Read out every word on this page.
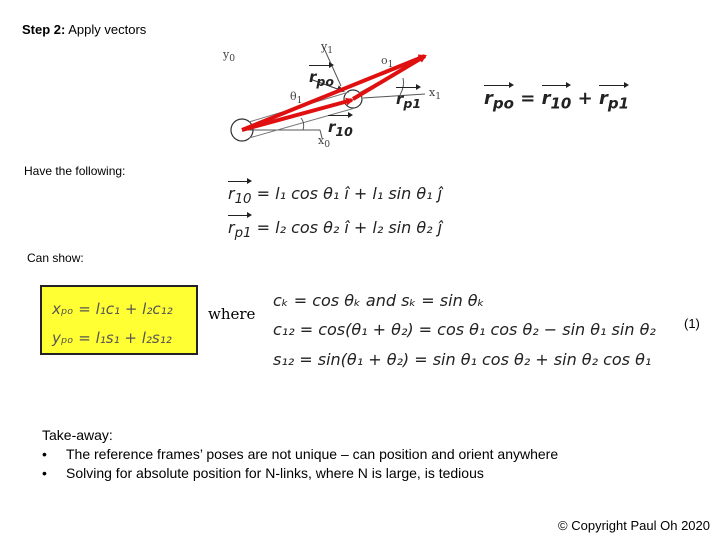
Step 2: Apply vectors
$y_0$
$y_1$
$o_1$
$x_1$
$x_0$
$\theta_1$
$r_{po}$
$r_{p1}$
$r_{10}$
$r_{po} = r_{10} + r_{p1}$
Have the following:
$r_{10} = l_1$ cos θ₁ î + l₁ sin θ₁ ĵ
$r_{p1} = l_2$ cos θ₂ î + l₂ sin θ₂ ĵ
Can show:
xₚₒ = l₁c₁ + l₂c₁₂
yₚₒ = l₁s₁ + l₂s₁₂
where
cₖ = cos θₖ and sₖ = sin θₖ
c₁₂ = cos(θ₁ + θ₂) = cos θ₁ cos θ₂ − sin θ₁ sin θ₂
s₁₂ = sin(θ₁ + θ₂) = sin θ₁ cos θ₂ + sin θ₂ cos θ₁
(1)
Take-away:
•	The reference frames’ poses are not unique – can position and orient anywhere
•	Solving for absolute position for N-links, where N is large, is tedious
© Copyright Paul Oh 2020
